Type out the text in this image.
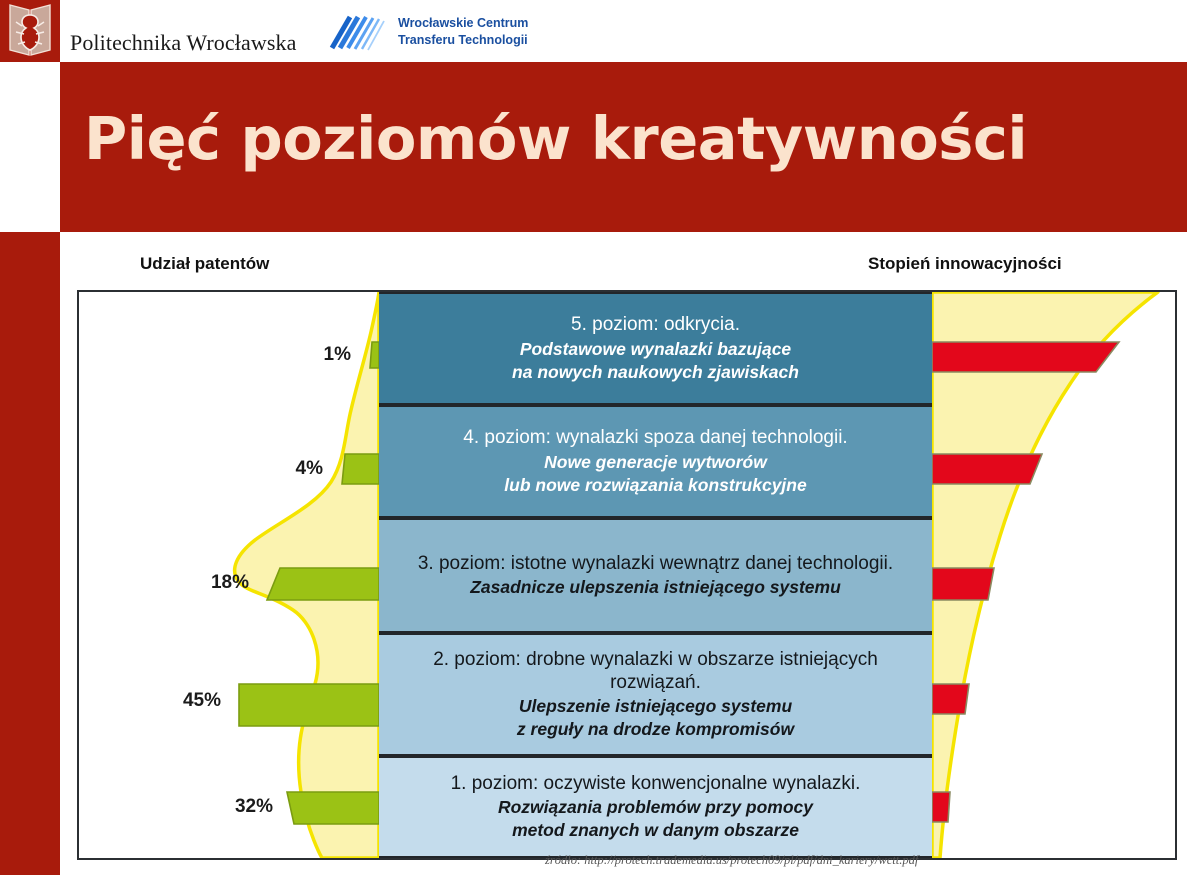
Politechnika Wrocławska
Wrocławskie Centrum
Transferu Technologii
Pięć poziomów kreatywności
Udział patentów	Stopień innowacyjności
1%
4%
18%
45%
32%
5. poziom: odkrycia.
Podstawowe wynalazki bazujące
na nowych naukowych zjawiskach
4. poziom: wynalazki spoza danej technologii.
Nowe generacje wytworów
lub nowe rozwiązania konstrukcyjne
3. poziom: istotne wynalazki wewnątrz danej technologii.
Zasadnicze ulepszenia istniejącego systemu
2. poziom: drobne wynalazki w obszarze istniejących rozwiązań.
Ulepszenie istniejącego systemu
z reguły na drodze kompromisów
1. poziom: oczywiste konwencjonalne wynalazki.
Rozwiązania problemów przy pomocy
metod znanych w danym obszarze
źródło: http://protech.trademedia.us/protech09/pl/pdf/dni_kariery/wctt.pdf
